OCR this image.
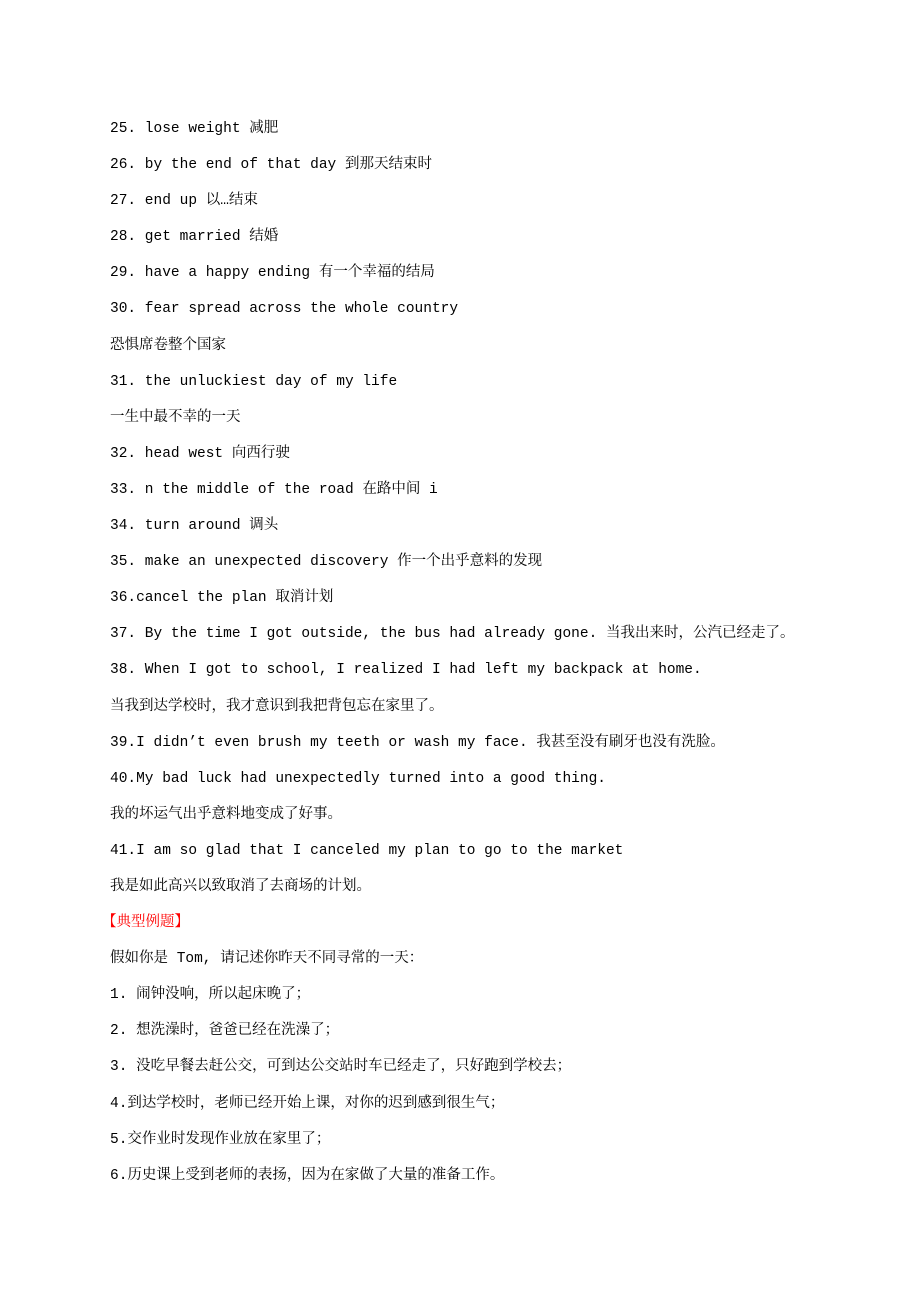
25. lose weight 减肥
26. by the end of that day 到那天结束时
27. end up 以…结束
28. get married 结婚
29. have a happy ending 有一个幸福的结局
30. fear spread across the whole country
恐惧席卷整个国家
31. the unluckiest day of my life
一生中最不幸的一天
32. head west 向西行驶
33. n the middle of the road 在路中间 i
34. turn around 调头
35. make an unexpected discovery 作一个出乎意料的发现
36.cancel the plan 取消计划
37. By the time I got outside, the bus had already gone. 当我出来时，公汽已经走了。
38. When I got to school, I realized I had left my backpack at home.
当我到达学校时，我才意识到我把背包忘在家里了。
39.I didn’t even brush my teeth or wash my face. 我甚至没有刷牙也没有洗脸。
40.My bad luck had unexpectedly turned into a good thing.
我的坏运气出乎意料地变成了好事。
41.I am so glad that I canceled my plan to go to the market
我是如此高兴以致取消了去商场的计划。
【典型例题】
假如你是 Tom, 请记述你昨天不同寻常的一天：
1. 闹钟没响，所以起床晚了；
2. 想洗澡时，爸爸已经在洗澡了；
3. 没吃早餐去赶公交，可到达公交站时车已经走了，只好跑到学校去；
4.到达学校时，老师已经开始上课，对你的迟到感到很生气；
5.交作业时发现作业放在家里了；
6.历史课上受到老师的表扬，因为在家做了大量的准备工作。
